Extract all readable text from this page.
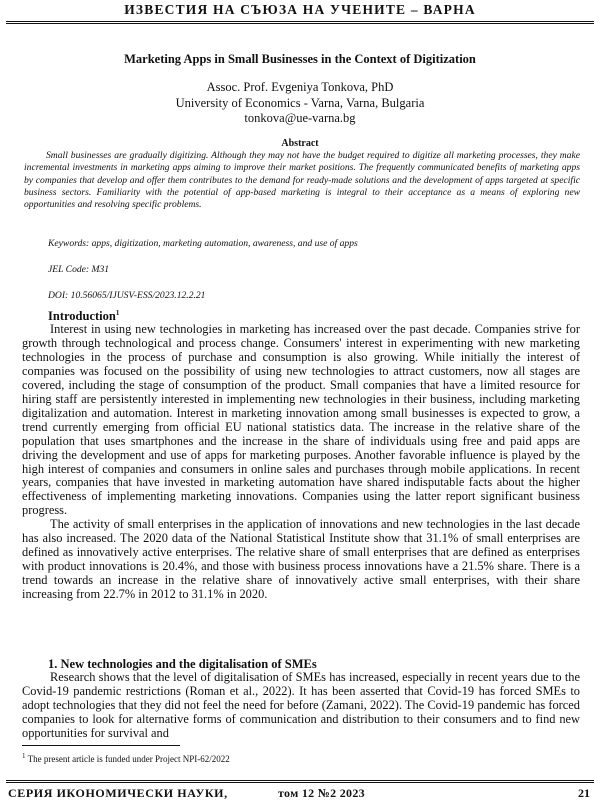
ИЗВЕСТИЯ НА СЪЮЗА НА УЧЕНИТЕ – ВАРНА
Marketing Apps in Small Businesses in the Context of Digitization
Assoc. Prof. Evgeniya Tonkova, PhD
University of Economics - Varna, Varna, Bulgaria
tonkova@ue-varna.bg
Abstract

Small businesses are gradually digitizing. Although they may not have the budget required to digitize all marketing processes, they make incremental investments in marketing apps aiming to improve their market positions. The frequently communicated benefits of marketing apps by companies that develop and offer them contributes to the demand for ready-made solutions and the development of apps targeted at specific business sectors. Familiarity with the potential of app-based marketing is integral to their acceptance as a means of exploring new opportunities and resolving specific problems.

Keywords: apps, digitization, marketing automation, awareness, and use of apps
JEL Code: M31
DOI: 10.56065/IJUSV-ESS/2023.12.2.21
Introduction$^1$

Interest in using new technologies in marketing has increased over the past decade. Companies strive for growth through technological and process change. Consumers' interest in experimenting with new marketing technologies in the process of purchase and consumption is also growing. While initially the interest of companies was focused on the possibility of using new technologies to attract customers, now all stages are covered, including the stage of consumption of the product. Small companies that have a limited resource for hiring staff are persistently interested in implementing new technologies in their business, including marketing digitalization and automation. Interest in marketing innovation among small businesses is expected to grow, a trend currently emerging from official EU national statistics data. The increase in the relative share of the population that uses smartphones and the increase in the share of individuals using free and paid apps are driving the development and use of apps for marketing purposes. Another favorable influence is played by the high interest of companies and consumers in online sales and purchases through mobile applications. In recent years, companies that have invested in marketing automation have shared indisputable facts about the higher effectiveness of implementing marketing innovations. Companies using the latter report significant business progress.

The activity of small enterprises in the application of innovations and new technologies in the last decade has also increased. The 2020 data of the National Statistical Institute show that 31.1% of small enterprises are defined as innovatively active enterprises. The relative share of small enterprises that are defined as enterprises with product innovations is 20.4%, and those with business process innovations have a 21.5% share. There is a trend towards an increase in the relative share of innovatively active small enterprises, with their share increasing from 22.7% in 2012 to 31.1% in 2020.

1. New technologies and the digitalisation of SMEs

Research shows that the level of digitalisation of SMEs has increased, especially in recent years due to the Covid-19 pandemic restrictions (Roman et al., 2022). It has been asserted that Covid-19 has forced SMEs to adopt technologies that they did not feel the need for before (Zamani, 2022). The Covid-19 pandemic has forced companies to look for alternative forms of communication and distribution to their consumers and to find new opportunities for survival and

$^1$ The present article is funded under Project NPI-62/2022
СЕРИЯ ИКОНОМИЧЕСКИ НАУКИ,	том 12 №2 2023	21
